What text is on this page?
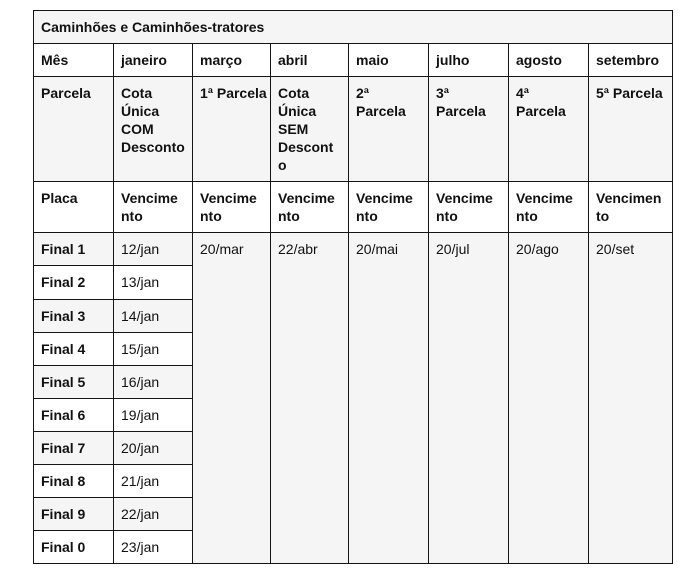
Caminhões e Caminhões-tratores							
Mês	janeiro	março	abril	maio	julho	agosto	setembro
Parcela	Cota Única COM Desconto	1ª Parcela	Cota Única SEM Desconto	2ª Parcela	3ª Parcela	4ª Parcela	5ª Parcela
Placa	Vencimento	Vencimento	Vencimento	Vencimento	Vencimento	Vencimento	Vencimento
Final 1	12/jan	20/mar	22/abr	20/mai	20/jul	20/ago	20/set
Final 2	13/jan						
Final 3	14/jan						
Final 4	15/jan						
Final 5	16/jan						
Final 6	19/jan						
Final 7	20/jan						
Final 8	21/jan						
Final 9	22/jan						
Final 0	23/jan						
